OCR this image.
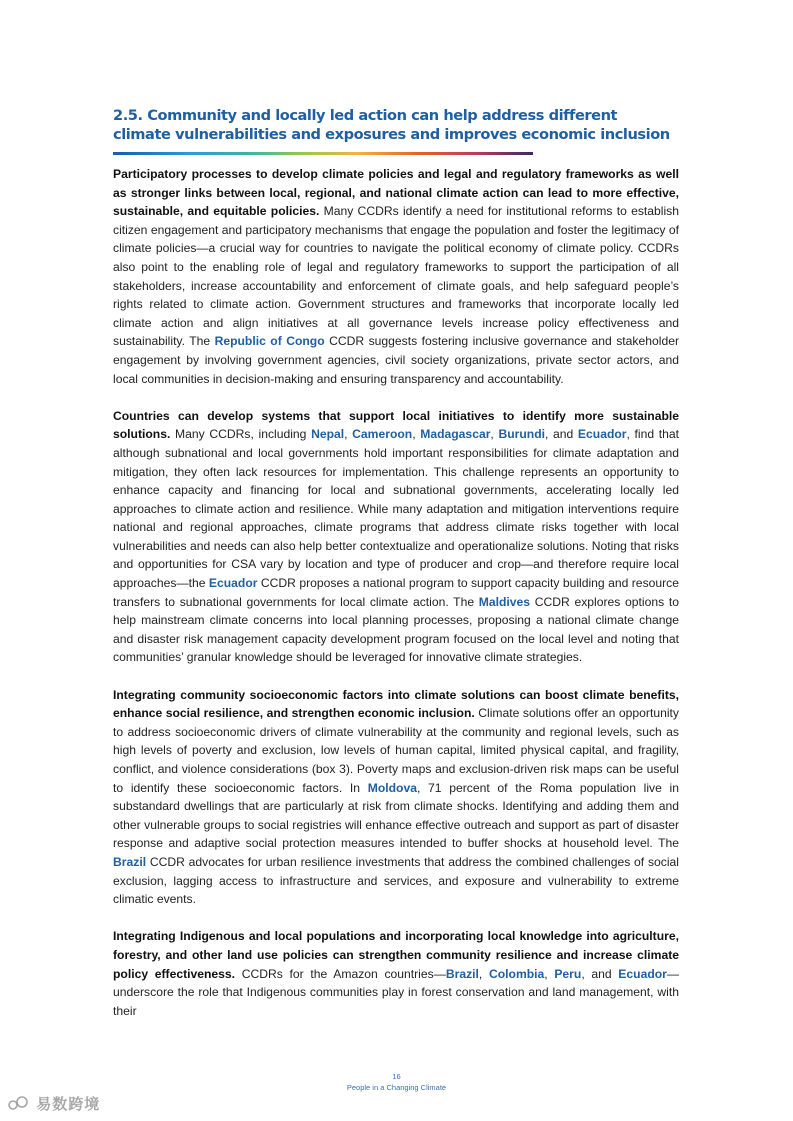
2.5. Community and locally led action can help address different climate vulnerabilities and exposures and improves economic inclusion

Participatory processes to develop climate policies and legal and regulatory frameworks as well as stronger links between local, regional, and national climate action can lead to more effective, sustainable, and equitable policies. Many CCDRs identify a need for institutional reforms to establish citizen engagement and participatory mechanisms that engage the population and foster the legitimacy of climate policies—a crucial way for countries to navigate the political economy of climate policy. CCDRs also point to the enabling role of legal and regulatory frameworks to support the participation of all stakeholders, increase accountability and enforcement of climate goals, and help safeguard people’s rights related to climate action. Government structures and frameworks that incorporate locally led climate action and align initiatives at all governance levels increase policy effectiveness and sustainability. The Republic of Congo CCDR suggests fostering inclusive governance and stakeholder engagement by involving government agencies, civil society organizations, private sector actors, and local communities in decision-making and ensuring transparency and accountability.

Countries can develop systems that support local initiatives to identify more sustainable solutions. Many CCDRs, including Nepal, Cameroon, Madagascar, Burundi, and Ecuador, find that although subnational and local governments hold important responsibilities for climate adaptation and mitigation, they often lack resources for implementation. This challenge represents an opportunity to enhance capacity and financing for local and subnational governments, accelerating locally led approaches to climate action and resilience. While many adaptation and mitigation interventions require national and regional approaches, climate programs that address climate risks together with local vulnerabilities and needs can also help better contextualize and operationalize solutions. Noting that risks and opportunities for CSA vary by location and type of producer and crop—and therefore require local approaches—the Ecuador CCDR proposes a national program to support capacity building and resource transfers to subnational governments for local climate action. The Maldives CCDR explores options to help mainstream climate concerns into local planning processes, proposing a national climate change and disaster risk management capacity development program focused on the local level and noting that communities’ granular knowledge should be leveraged for innovative climate strategies.

Integrating community socioeconomic factors into climate solutions can boost climate benefits, enhance social resilience, and strengthen economic inclusion. Climate solutions offer an opportunity to address socioeconomic drivers of climate vulnerability at the community and regional levels, such as high levels of poverty and exclusion, low levels of human capital, limited physical capital, and fragility, conflict, and violence considerations (box 3). Poverty maps and exclusion-driven risk maps can be useful to identify these socioeconomic factors. In Moldova, 71 percent of the Roma population live in substandard dwellings that are particularly at risk from climate shocks. Identifying and adding them and other vulnerable groups to social registries will enhance effective outreach and support as part of disaster response and adaptive social protection measures intended to buffer shocks at household level. The Brazil CCDR advocates for urban resilience investments that address the combined challenges of social exclusion, lagging access to infrastructure and services, and exposure and vulnerability to extreme climatic events.

Integrating Indigenous and local populations and incorporating local knowledge into agriculture, forestry, and other land use policies can strengthen community resilience and increase climate policy effectiveness. CCDRs for the Amazon countries—Brazil, Colombia, Peru, and Ecuador—underscore the role that Indigenous communities play in forest conservation and land management, with their

16
People in a Changing Climate
易数跨境
